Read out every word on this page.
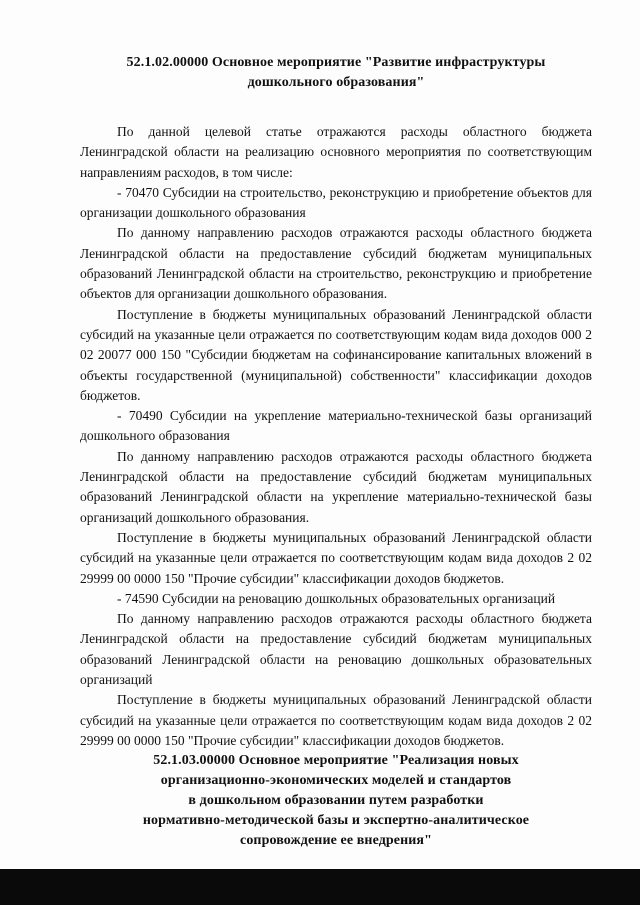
52.1.02.00000 Основное мероприятие "Развитие инфраструктуры
дошкольного образования"

По данной целевой статье отражаются расходы областного бюджета Ленинградской области на реализацию основного мероприятия по соответствующим направлениям расходов, в том числе:

- 70470 Субсидии на строительство, реконструкцию и приобретение объектов для организации дошкольного образования

По данному направлению расходов отражаются расходы областного бюджета Ленинградской области на предоставление субсидий бюджетам муниципальных образований Ленинградской области на строительство, реконструкцию и приобретение объектов для организации дошкольного образования.

Поступление в бюджеты муниципальных образований Ленинградской области субсидий на указанные цели отражается по соответствующим кодам вида доходов 000 2 02 20077 000 150 "Субсидии бюджетам на софинансирование капитальных вложений в объекты государственной (муниципальной) собственности" классификации доходов бюджетов.

- 70490 Субсидии на укрепление материально-технической базы организаций дошкольного образования

По данному направлению расходов отражаются расходы областного бюджета Ленинградской области на предоставление субсидий бюджетам муниципальных образований Ленинградской области на укрепление материально-технической базы организаций дошкольного образования.

Поступление в бюджеты муниципальных образований Ленинградской области субсидий на указанные цели отражается по соответствующим кодам вида доходов 2 02 29999 00 0000 150 "Прочие субсидии" классификации доходов бюджетов.

- 74590 Субсидии на реновацию дошкольных образовательных организаций

По данному направлению расходов отражаются расходы областного бюджета Ленинградской области на предоставление субсидий бюджетам муниципальных образований Ленинградской области на реновацию дошкольных образовательных организаций

Поступление в бюджеты муниципальных образований Ленинградской области субсидий на указанные цели отражается по соответствующим кодам вида доходов 2 02 29999 00 0000 150 "Прочие субсидии" классификации доходов бюджетов.

52.1.03.00000 Основное мероприятие "Реализация новых
организационно-экономических моделей и стандартов
в дошкольном образовании путем разработки
нормативно-методической базы и экспертно-аналитическое
сопровождение ее внедрения"
